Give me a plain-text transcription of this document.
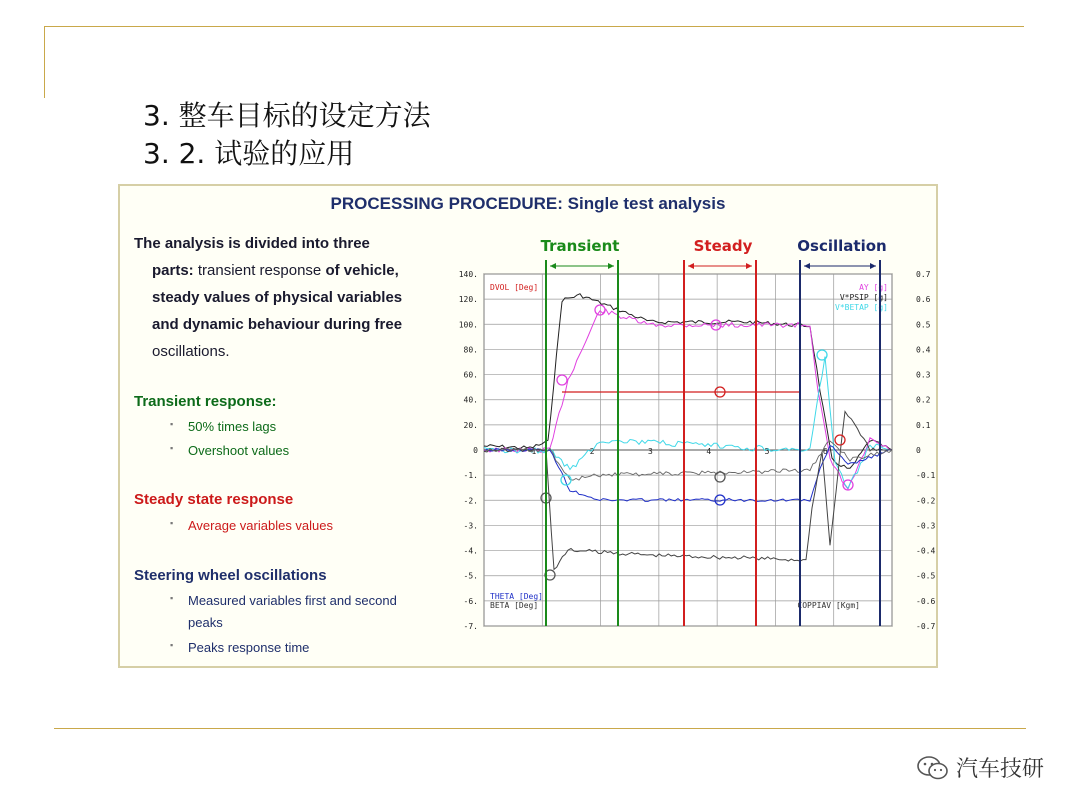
3. 整车目标的设定方法
3. 2. 试验的应用
PROCESSING PROCEDURE: Single test analysis
The analysis is divided into three
parts: transient response of vehicle,
steady values of physical variables
and dynamic behaviour during free
oscillations.
Transient response:
▪ 50% times lags
▪ Overshoot values
Steady state response
▪ Average variables values
Steering wheel oscillations
▪ Measured variables first and second
peaks
▪ Peaks response time
Transient	Steady	Oscillation
0.7
0.6
0.5
0.4
0.3
0.2
0.1
0
-0.1
-0.2
-0.3
-0.4
-0.5
-0.6
-0.7
140.
120.
100.
80.
60.
40.
20.
0
-1.
-2.
-3.
-4.
-5.
-6.
-7.
1	2	3	4	5	6
DVOL [Deg]	AY [g]
V*PSIP [g]
V*BETAP [g]
THETA [Deg]
BETA [Deg]	COPPIAV [Kgm]
汽车技研
